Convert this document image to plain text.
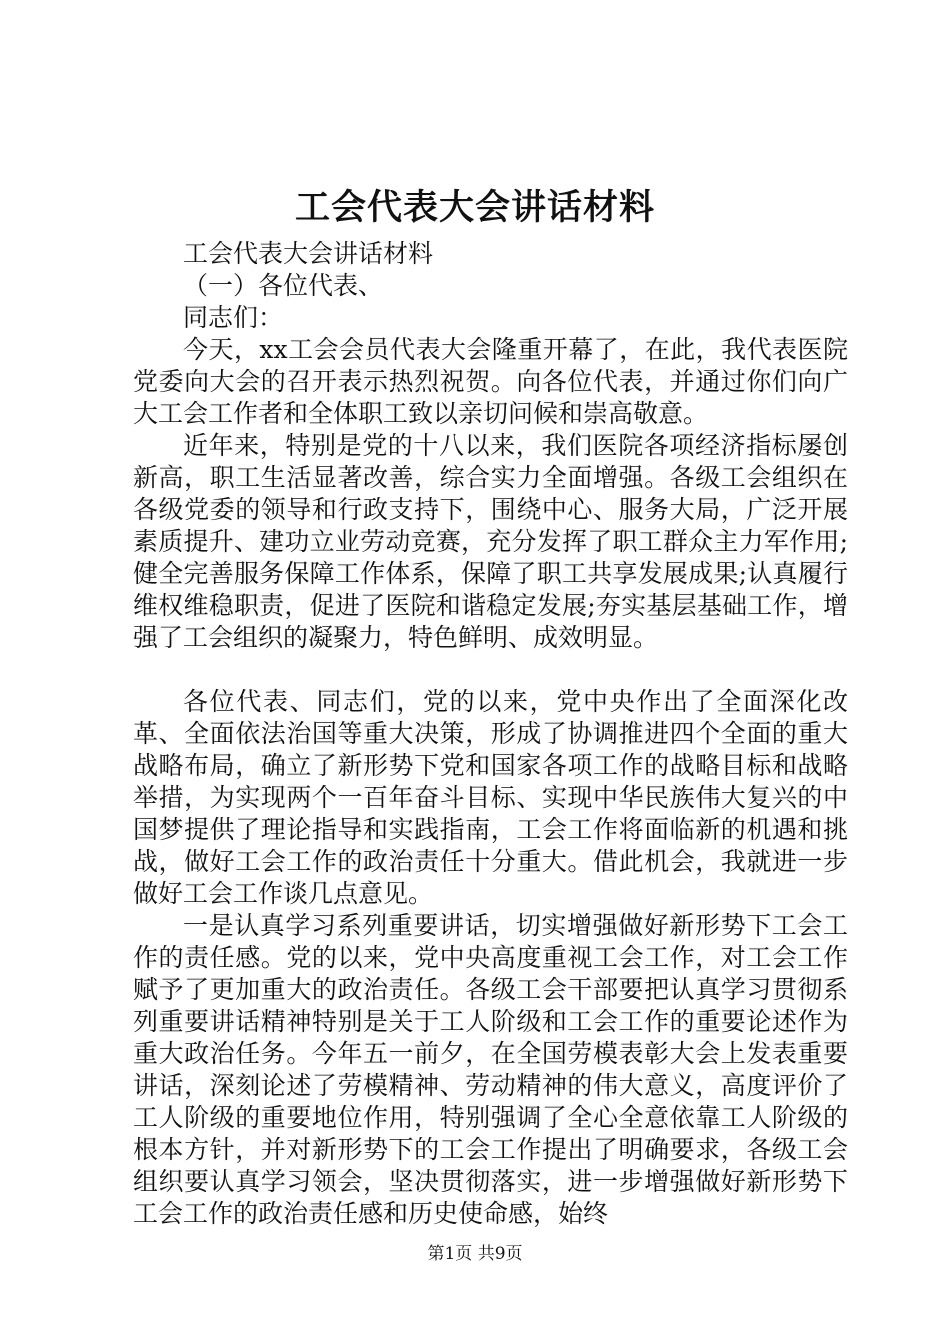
工会代表大会讲话材料

工会代表大会讲话材料

（一）各位代表、

同志们：

今天，xx工会会员代表大会隆重开幕了，在此，我代表医院党委向大会的召开表示热烈祝贺。向各位代表，并通过你们向广大工会工作者和全体职工致以亲切问候和崇高敬意。

近年来，特别是党的十八以来，我们医院各项经济指标屡创新高，职工生活显著改善，综合实力全面增强。各级工会组织在各级党委的领导和行政支持下，围绕中心、服务大局，广泛开展素质提升、建功立业劳动竞赛，充分发挥了职工群众主力军作用;健全完善服务保障工作体系，保障了职工共享发展成果;认真履行维权维稳职责，促进了医院和谐稳定发展;夯实基层基础工作，增强了工会组织的凝聚力，特色鲜明、成效明显。

各位代表、同志们，党的以来，党中央作出了全面深化改革、全面依法治国等重大决策，形成了协调推进四个全面的重大战略布局，确立了新形势下党和国家各项工作的战略目标和战略举措，为实现两个一百年奋斗目标、实现中华民族伟大复兴的中国梦提供了理论指导和实践指南，工会工作将面临新的机遇和挑战，做好工会工作的政治责任十分重大。借此机会，我就进一步做好工会工作谈几点意见。

一是认真学习系列重要讲话，切实增强做好新形势下工会工作的责任感。党的以来，党中央高度重视工会工作，对工会工作赋予了更加重大的政治责任。各级工会干部要把认真学习贯彻系列重要讲话精神特别是关于工人阶级和工会工作的重要论述作为重大政治任务。今年五一前夕，在全国劳模表彰大会上发表重要讲话，深刻论述了劳模精神、劳动精神的伟大意义，高度评价了工人阶级的重要地位作用，特别强调了全心全意依靠工人阶级的根本方针，并对新形势下的工会工作提出了明确要求，各级工会组织要认真学习领会，坚决贯彻落实，进一步增强做好新形势下工会工作的政治责任感和历史使命感，始终

第1页 共9页
